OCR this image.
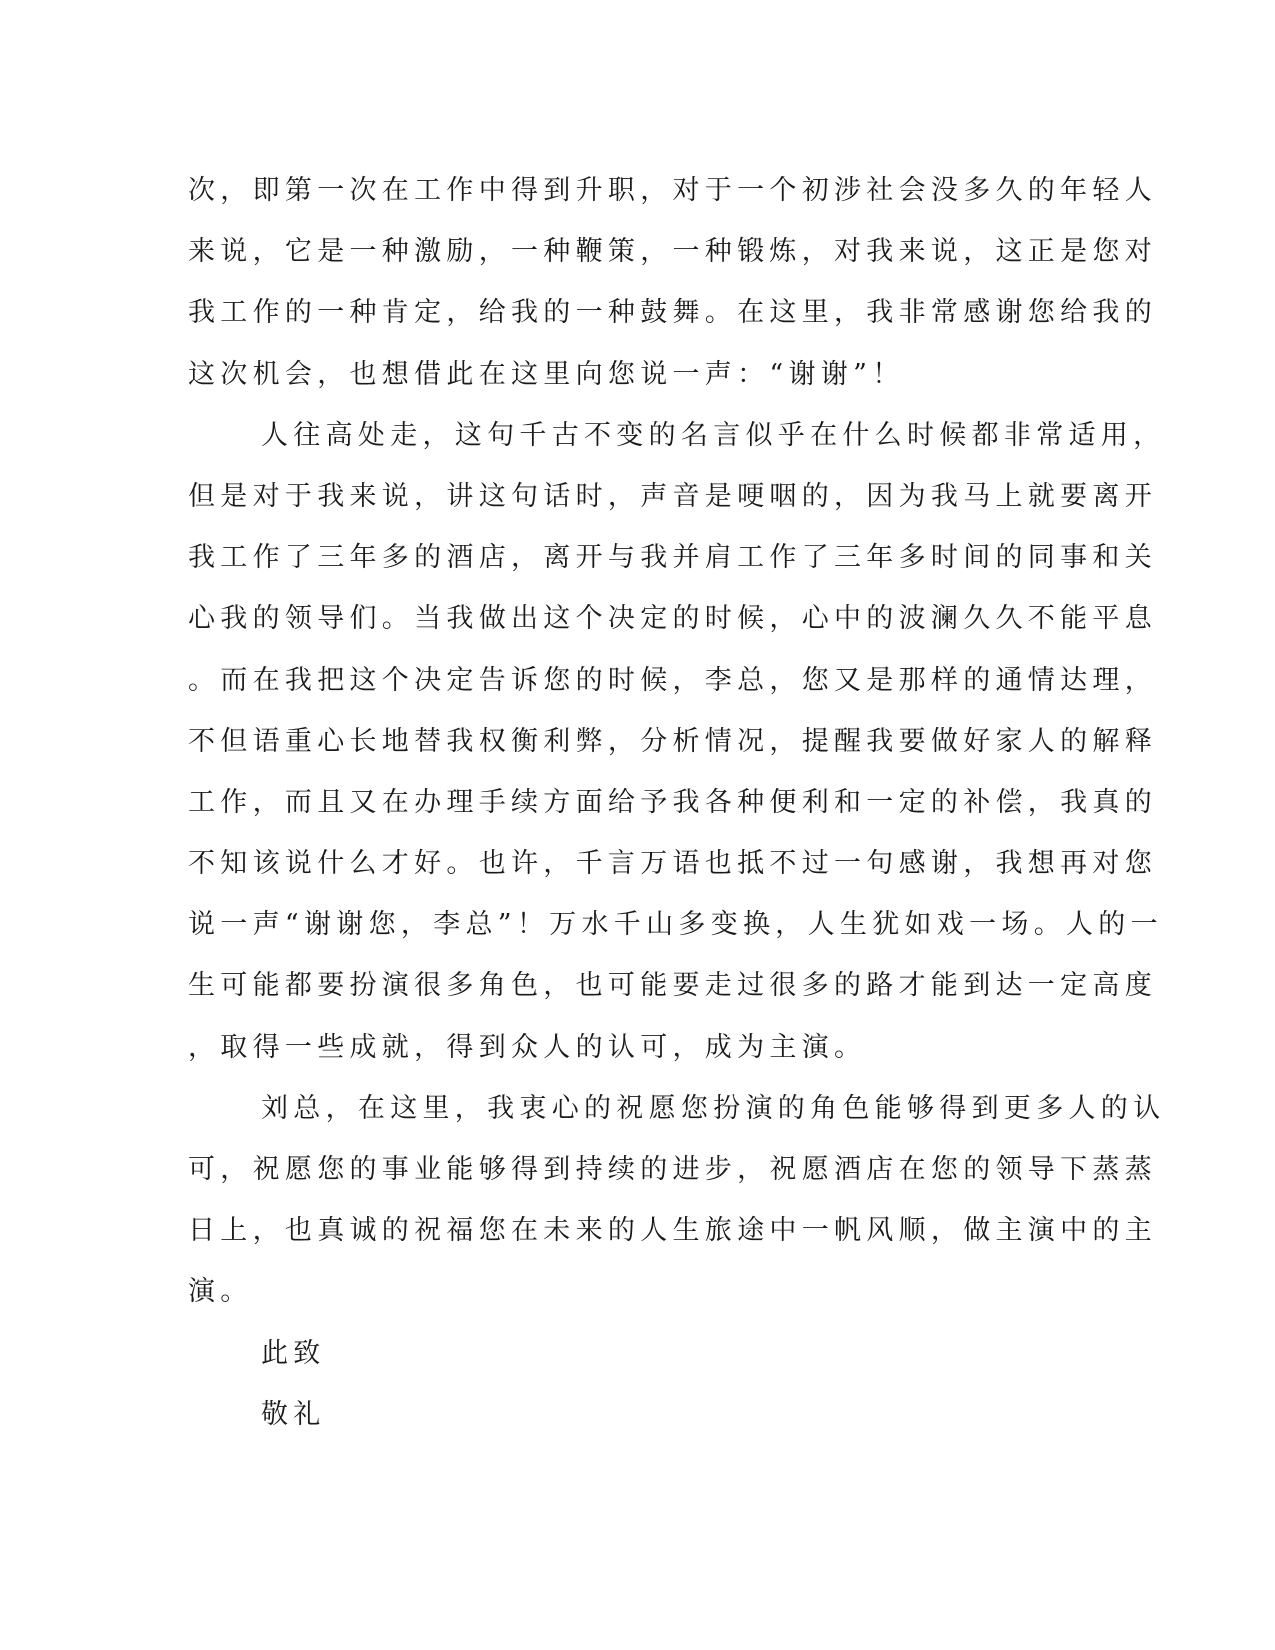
次，即第一次在工作中得到升职，对于一个初涉社会没多久的年轻人
来说，它是一种激励，一种鞭策，一种锻炼，对我来说，这正是您对
我工作的一种肯定，给我的一种鼓舞。在这里，我非常感谢您给我的
这次机会，也想借此在这里向您说一声：“谢谢”！
人往高处走，这句千古不变的名言似乎在什么时候都非常适用，
但是对于我来说，讲这句话时，声音是哽咽的，因为我马上就要离开
我工作了三年多的酒店，离开与我并肩工作了三年多时间的同事和关
心我的领导们。当我做出这个决定的时候，心中的波澜久久不能平息
。而在我把这个决定告诉您的时候，李总，您又是那样的通情达理，
不但语重心长地替我权衡利弊，分析情况，提醒我要做好家人的解释
工作，而且又在办理手续方面给予我各种便利和一定的补偿，我真的
不知该说什么才好。也许，千言万语也抵不过一句感谢，我想再对您
说一声“谢谢您，李总”！万水千山多变换，人生犹如戏一场。人的一
生可能都要扮演很多角色，也可能要走过很多的路才能到达一定高度
，取得一些成就，得到众人的认可，成为主演。
刘总，在这里，我衷心的祝愿您扮演的角色能够得到更多人的认
可，祝愿您的事业能够得到持续的进步，祝愿酒店在您的领导下蒸蒸
日上，也真诚的祝福您在未来的人生旅途中一帆风顺，做主演中的主
演。
此致
敬礼
